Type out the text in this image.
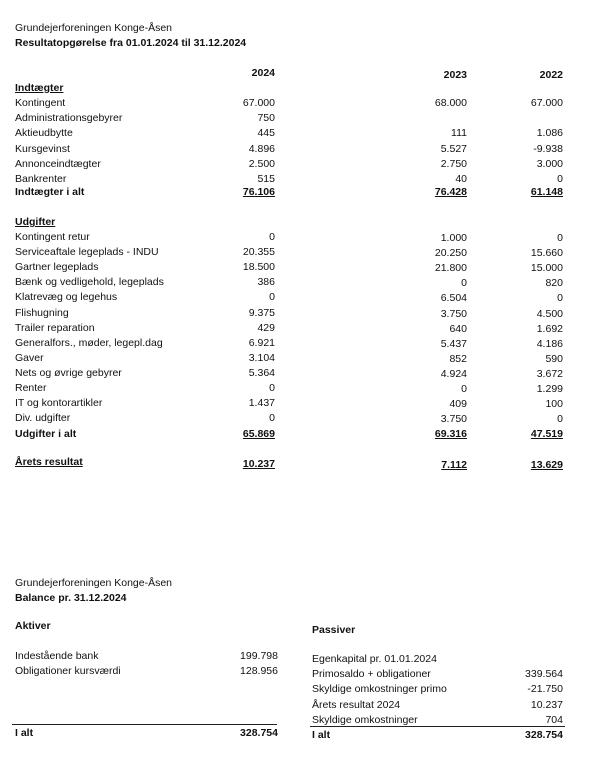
Grundejerforeningen Konge-Åsen
Resultatopgørelse fra 01.01.2024 til 31.12.2024
2024	2023	2022
Indtægter
Kontingent	67.000	68.000	67.000
Administrationsgebyrer	750
Aktieudbytte	445	111	1.086
Kursgevinst	4.896	5.527	-9.938
Annonceindtægter	2.500	2.750	3.000
Bankrenter	515	40	0
Indtægter i alt	76.106	76.428	61.148
Udgifter
Kontingent retur	0	1.000	0
Serviceaftale legeplads - INDU	20.355	20.250	15.660
Gartner legeplads	18.500	21.800	15.000
Bænk og vedligehold, legeplads	386	0	820
Klatrevæg og legehus	0	6.504	0
Flishugning	9.375	3.750	4.500
Trailer reparation	429	640	1.692
Generalfors., møder, legepl.dag	6.921	5.437	4.186
Gaver	3.104	852	590
Nets og øvrige gebyrer	5.364	4.924	3.672
Renter	0	0	1.299
IT og kontorartikler	1.437	409	100
Div. udgifter	0	3.750	0
Udgifter i alt	65.869	69.316	47.519
Årets resultat	10.237	7.112	13.629
Grundejerforeningen Konge-Åsen
Balance pr. 31.12.2024
Aktiver	Passiver
Indestående bank	199.798
Obligationer kursværdi	128.956
Egenkapital pr. 01.01.2024
Primosaldo + obligationer	339.564
Skyldige omkostninger primo	-21.750
Årets resultat 2024	10.237
Skyldige omkostninger	704
I alt	328.754	I alt	328.754
